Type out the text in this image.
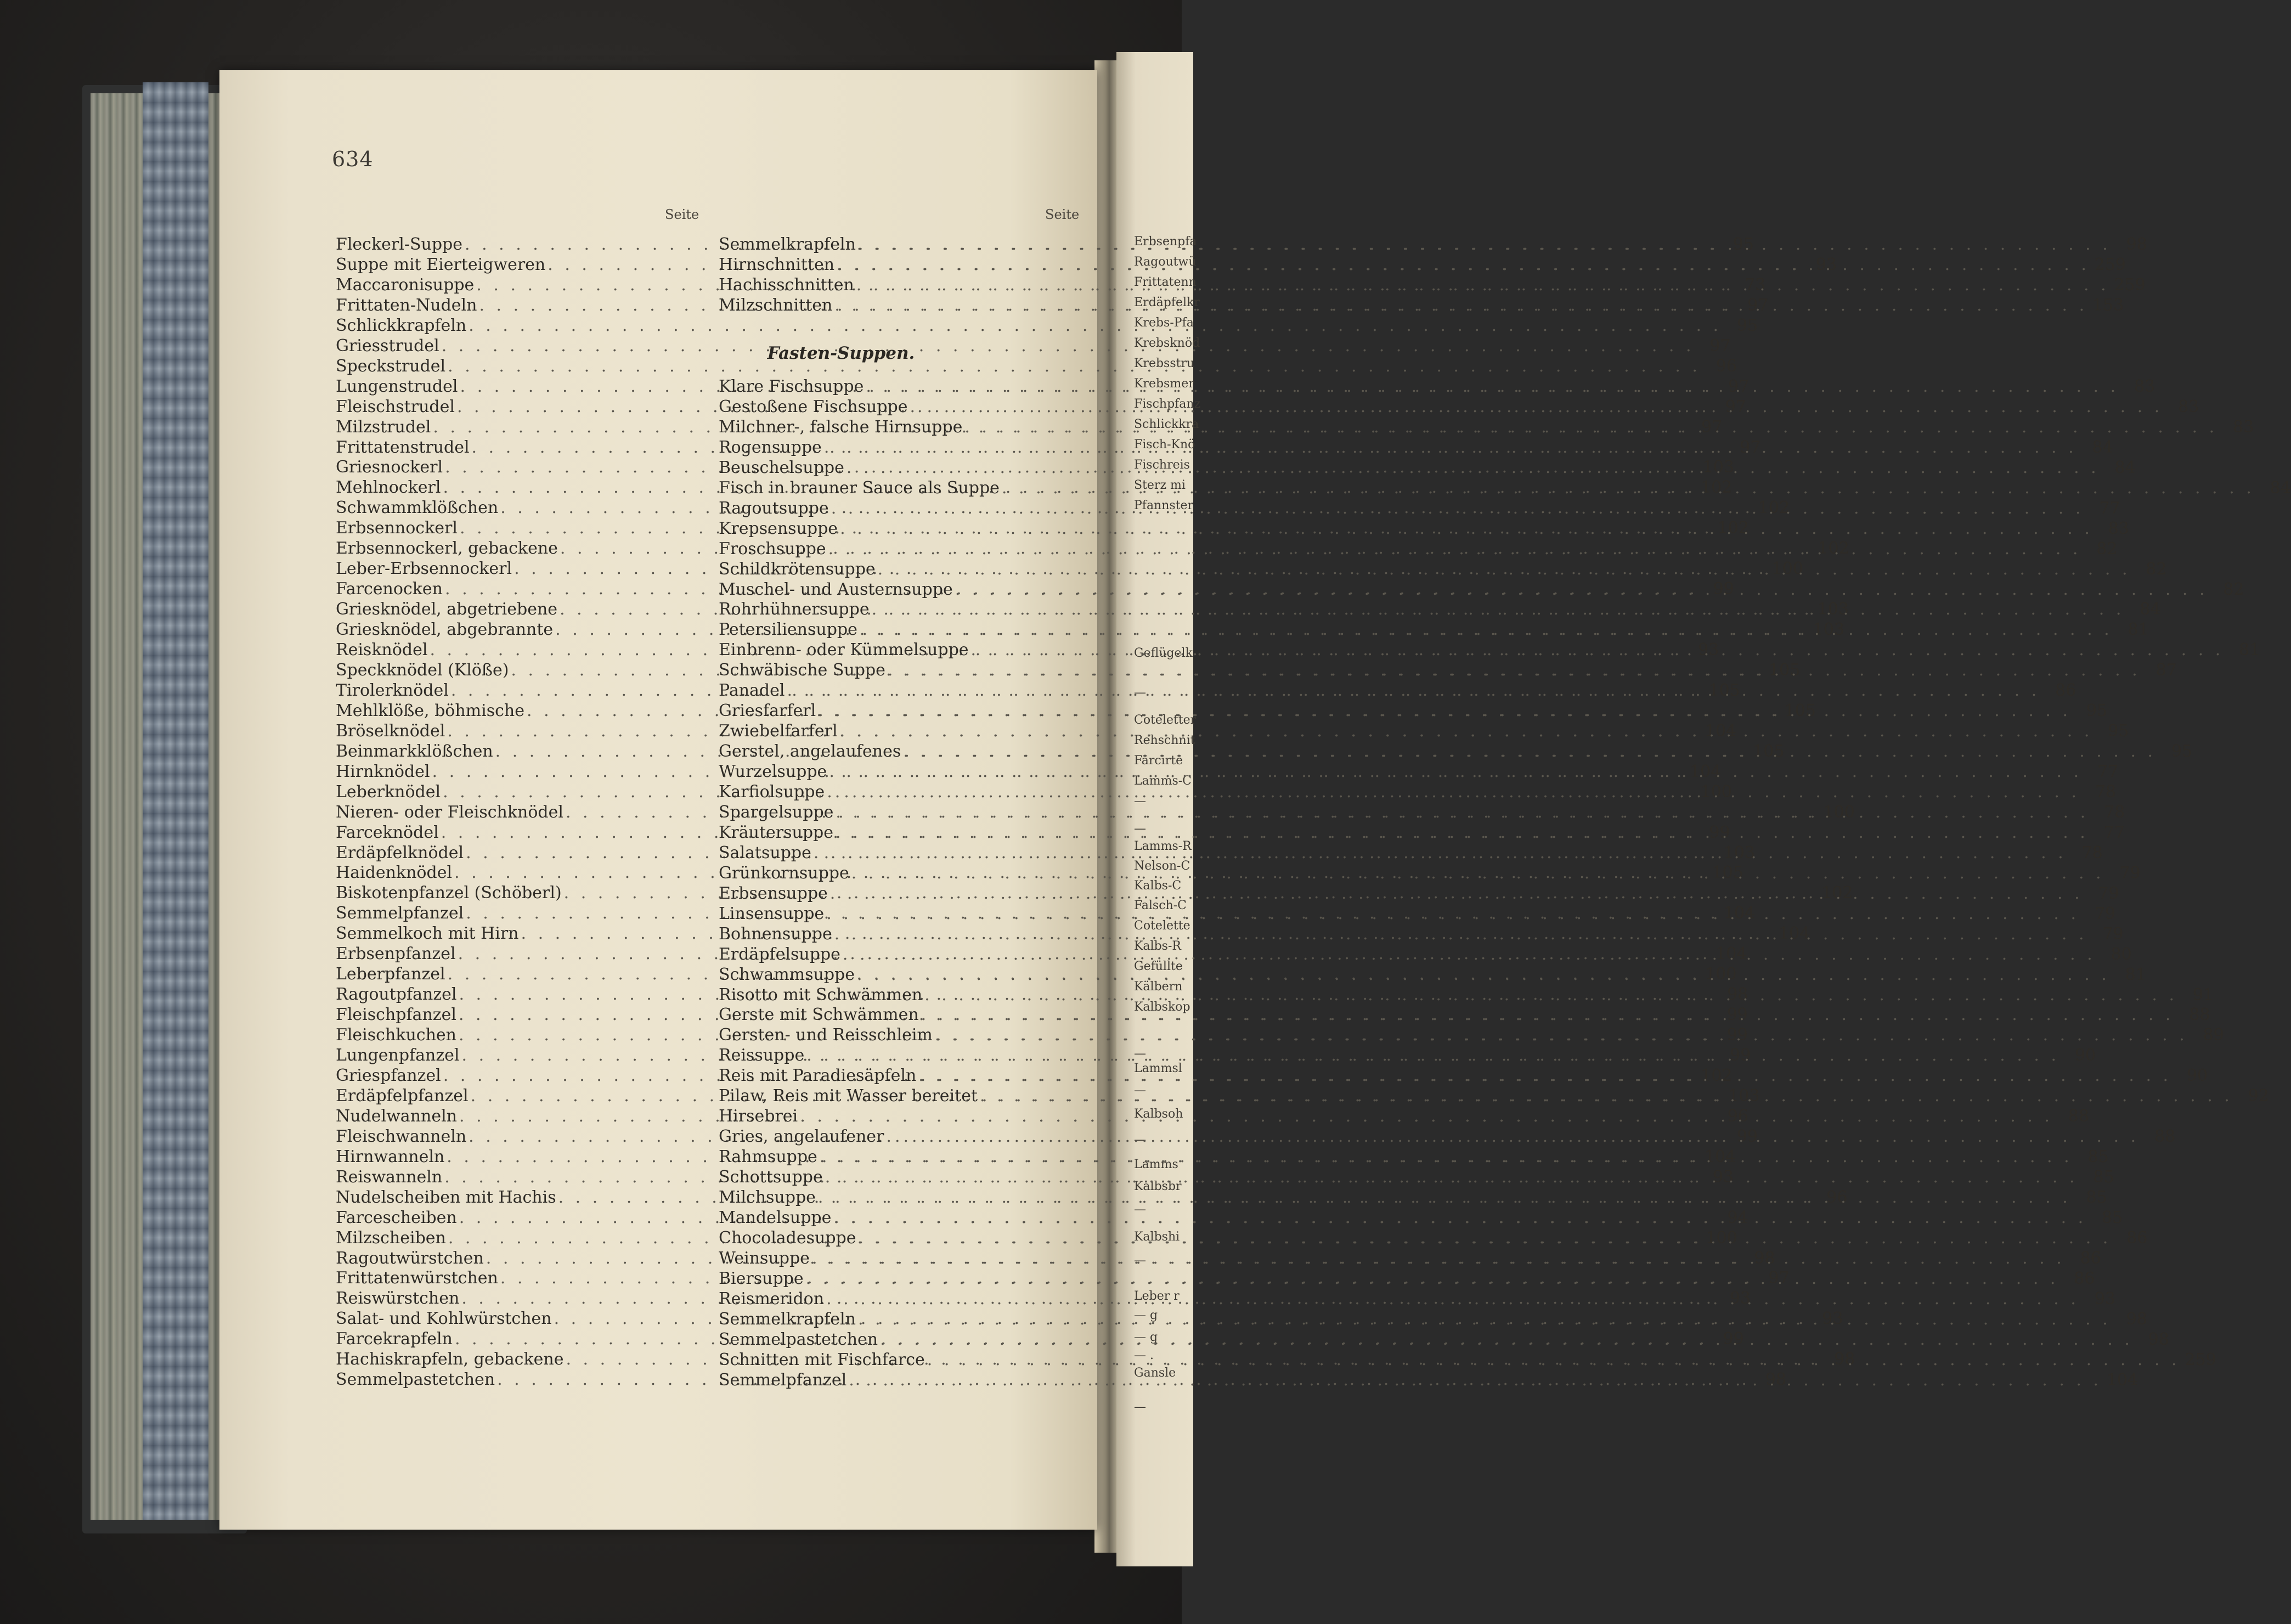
Erbsenpfa
Ragoutwü
Frittatenn
Erdäpfelkr
Krebs-Pfa
Krebsknöd
Krebsstru
Krebsmer
Fischpfanz
Schlickkra
Fisch-Knö
Fischreis
Sterz mi
Pfannster
Geflügelk
—
Coteletter
Rehschnit
Farcirte
Lamms-C
—
—
Lamms-R
Nelson-C
Kalbs-C
Falsch-C
Cotelette
Kalbs-R
Gefüllte
Kälbern
Kalbskop
—
Lammsl
—
Kalbsoh
—
Lamms
Kalbsbr
—
Kalbshi
—
Leber r
— g
— g
— .
Gansle
—
634
Seite	Seite
Fleckerl-Suppe . . .	95
Suppe mit Eierteigweren . . .	93
Maccaronisuppe . . .	73
Frittaten-Nudeln . . .	97
Schlickkrapfeln . . .	95
Griesstrudel . . .	97
Speckstrudel . . .	96
Lungenstrudel . . .	97
Fleischstrudel . . .	97
Milzstrudel . . .	97
Frittatenstrudel . . .	97
Griesnockerl . . .	103
Mehlnockerl . . .	102
Schwammklößchen . . .	102
Erbsennockerl . . .	102
Erbsennockerl, gebackene . . .	102
Leber-Erbsennockerl . . .	100
Farcenocken . . .	99
Griesknödel, abgetriebene . . .	103
Griesknödel, abgebrannte . . .	103
Reisknödel . . .	93
Speckknödel (Klöße) . . .	105
Tirolerknödel . . .	105
Mehlklöße, böhmische . . .	105
Bröselknödel . . .	104
Beinmarkklößchen . . .	105
Hirnknödel . . .	104
Leberknödel . . .	100
Nieren- oder Fleischknödel . . .	100
Farceknödel . . .	99
Erdäpfelknödel . . .	103
Haidenknödel . . .	105
Biskotenpfanzel (Schöberl) . . .	102
Semmelpfanzel . . .	104
Semmelkoch mit Hirn . . .	104
Erbsenpfanzel . . .	104
Leberpfanzel . . .	100
Ragoutpfanzel . . .	98
Fleischpfanzel . . .	99
Fleischkuchen . . .	99
Lungenpfanzel . . .	99
Griespfanzel . . .	102
Erdäpfelpfanzel . . .	103
Nudelwanneln . . .	96
Fleischwanneln . . .	99
Hirnwanneln . . .	104
Reiswanneln . . .	93
Nudelscheiben mit Hachis . . .	96
Farcescheiben . . .	94
Milzscheiben . . .	100
Ragoutwürstchen . . .	98
Frittatenwürstchen . . .	97
Reiswürstchen . . .	93
Salat- und Kohlwürstchen . . .	93
Farcekrapfeln . . .	99
Hachiskrapfeln, gebackene . . .	98
Semmelpastetchen . . .	98
Semmelkrapfeln . . .	98
Hirnschnitten . . .	259
Hachisschnitten . . .	259
Milzschnitten . . .	153
Fasten-Suppen.
Klare Fischsuppe . . .	83
Gestoßene Fischsuppe . . .	83
Milchner-, falsche Hirnsuppe . . .	83
Rogensuppe . . .	84
Beuschelsuppe . . .	84
Fisch in brauner Sauce als Suppe . . .	84
Ragoutsuppe . . .	77
Krepsensuppe . . .	83
Froschsuppe . . .	82
Schildkrötensuppe . . .	82
Muschel- und Austernsuppe . . .	82
Rohrhühnersuppe . . .	84
Petersiliensuppe . . .	81
Einbrenn- oder Kümmelsuppe . . .	81
Schwäbische Suppe . . .	87
Panadel . . .	86
Griesfarferl . . .	95
Zwiebelfarferl . . .	95
Gerstel, angelaufenes . . .	95
Wurzelsuppe . . .	77
Karfiolsuppe . . .	78
Spargelsuppe . . .	78
Kräutersuppe . . .	77
Salatsuppe . . .	78
Grünkornsuppe . . .	79
Erbsensuppe . . .	79
Linsensuppe . . .	79
Bohnensuppe . . .	79
Erdäpfelsuppe . . .	80
Schwammsuppe . . .	81
Risotto mit Schwämmen . . .	91
Gerste mit Schwämmen . . .	88
Gersten- und Reisschleim . . .	89
Reissuppe . . .	90
Reis mit Paradiesäpfeln . . .	90
Pilaw, Reis mit Wasser bereitet . . .	92
Hirsebrei . . .	88
Gries, angelaufener . . .	88
Rahmsuppe . . .	85
Schottsuppe . . .	85
Milchsuppe . . .	85
Mandelsuppe . . .	85
Chocoladesuppe . . .	86
Weinsuppe . . .	86
Biersuppe . . .	86
Reismeridon . . .	93
Semmelkrapfeln . . .	98
Semmelpastetchen . . .	98
Schnitten mit Fischfarce . . .	259
Semmelpfanzel . . .	104
